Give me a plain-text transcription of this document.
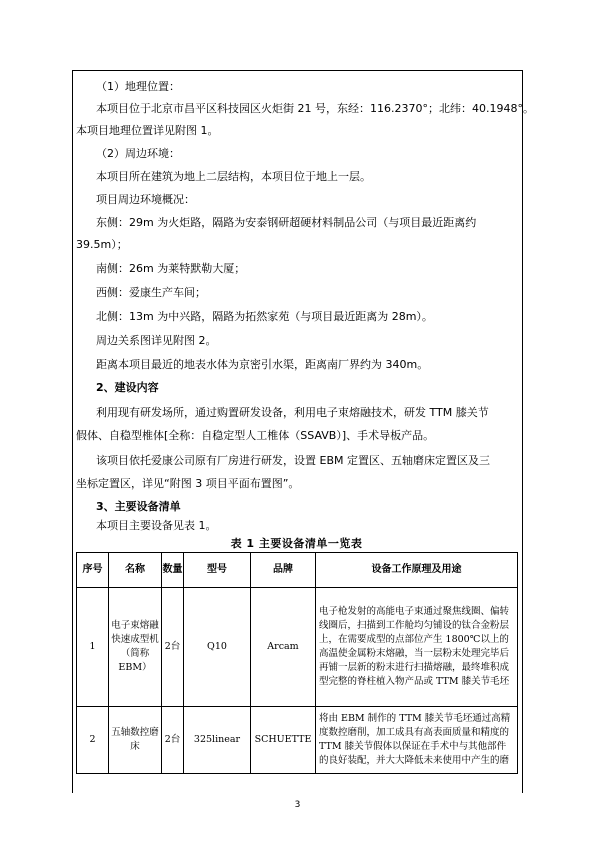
（1）地理位置：
本项目位于北京市昌平区科技园区火炬街 21 号，东经：116.2370°；北纬：40.1948°。
本项目地理位置详见附图 1。
（2）周边环境：
本项目所在建筑为地上二层结构，本项目位于地上一层。
项目周边环境概况：
东侧：29m 为火炬路，隔路为安泰钢研超硬材料制品公司（与项目最近距离约
39.5m）；
南侧：26m 为莱特默勒大厦；
西侧：爱康生产车间；
北侧：13m 为中兴路，隔路为拓然家苑（与项目最近距离为 28m）。
周边关系图详见附图 2。
距离本项目最近的地表水体为京密引水渠，距离南厂界约为 340m。
2、建设内容
利用现有研发场所，通过购置研发设备，利用电子束熔融技术，研发 TTM 膝关节
假体、自稳型椎体[全称：自稳定型人工椎体（SSAVB）]、手术导板产品。
该项目依托爱康公司原有厂房进行研发，设置 EBM 定置区、五轴磨床定置区及三
坐标定置区，详见“附图 3 项目平面布置图”。
3、主要设备清单
本项目主要设备见表 1。
表 1 主要设备清单一览表
序号	名称	数量	型号	品牌	设备工作原理及用途
1	电子束熔融快速成型机（简称 EBM）	2台	Q10	Arcam	电子枪发射的高能电子束通过聚焦线圈、偏转线圈后，扫描到工作舱均匀铺设的钛合金粉层上，在需要成型的点部位产生 1800℃以上的高温使金属粉末熔融，当一层粉末处理完毕后再铺一层新的粉末进行扫描熔融，最终堆积成型完整的脊柱植入物产品或 TTM 膝关节毛坯
2	五轴数控磨床	2台	325linear	SCHUETTE	将由 EBM 制作的 TTM 膝关节毛坯通过高精度数控磨削，加工成具有高表面质量和精度的 TTM 膝关节假体以保证在手术中与其他部件的良好装配，并大大降低未来使用中产生的磨
3
